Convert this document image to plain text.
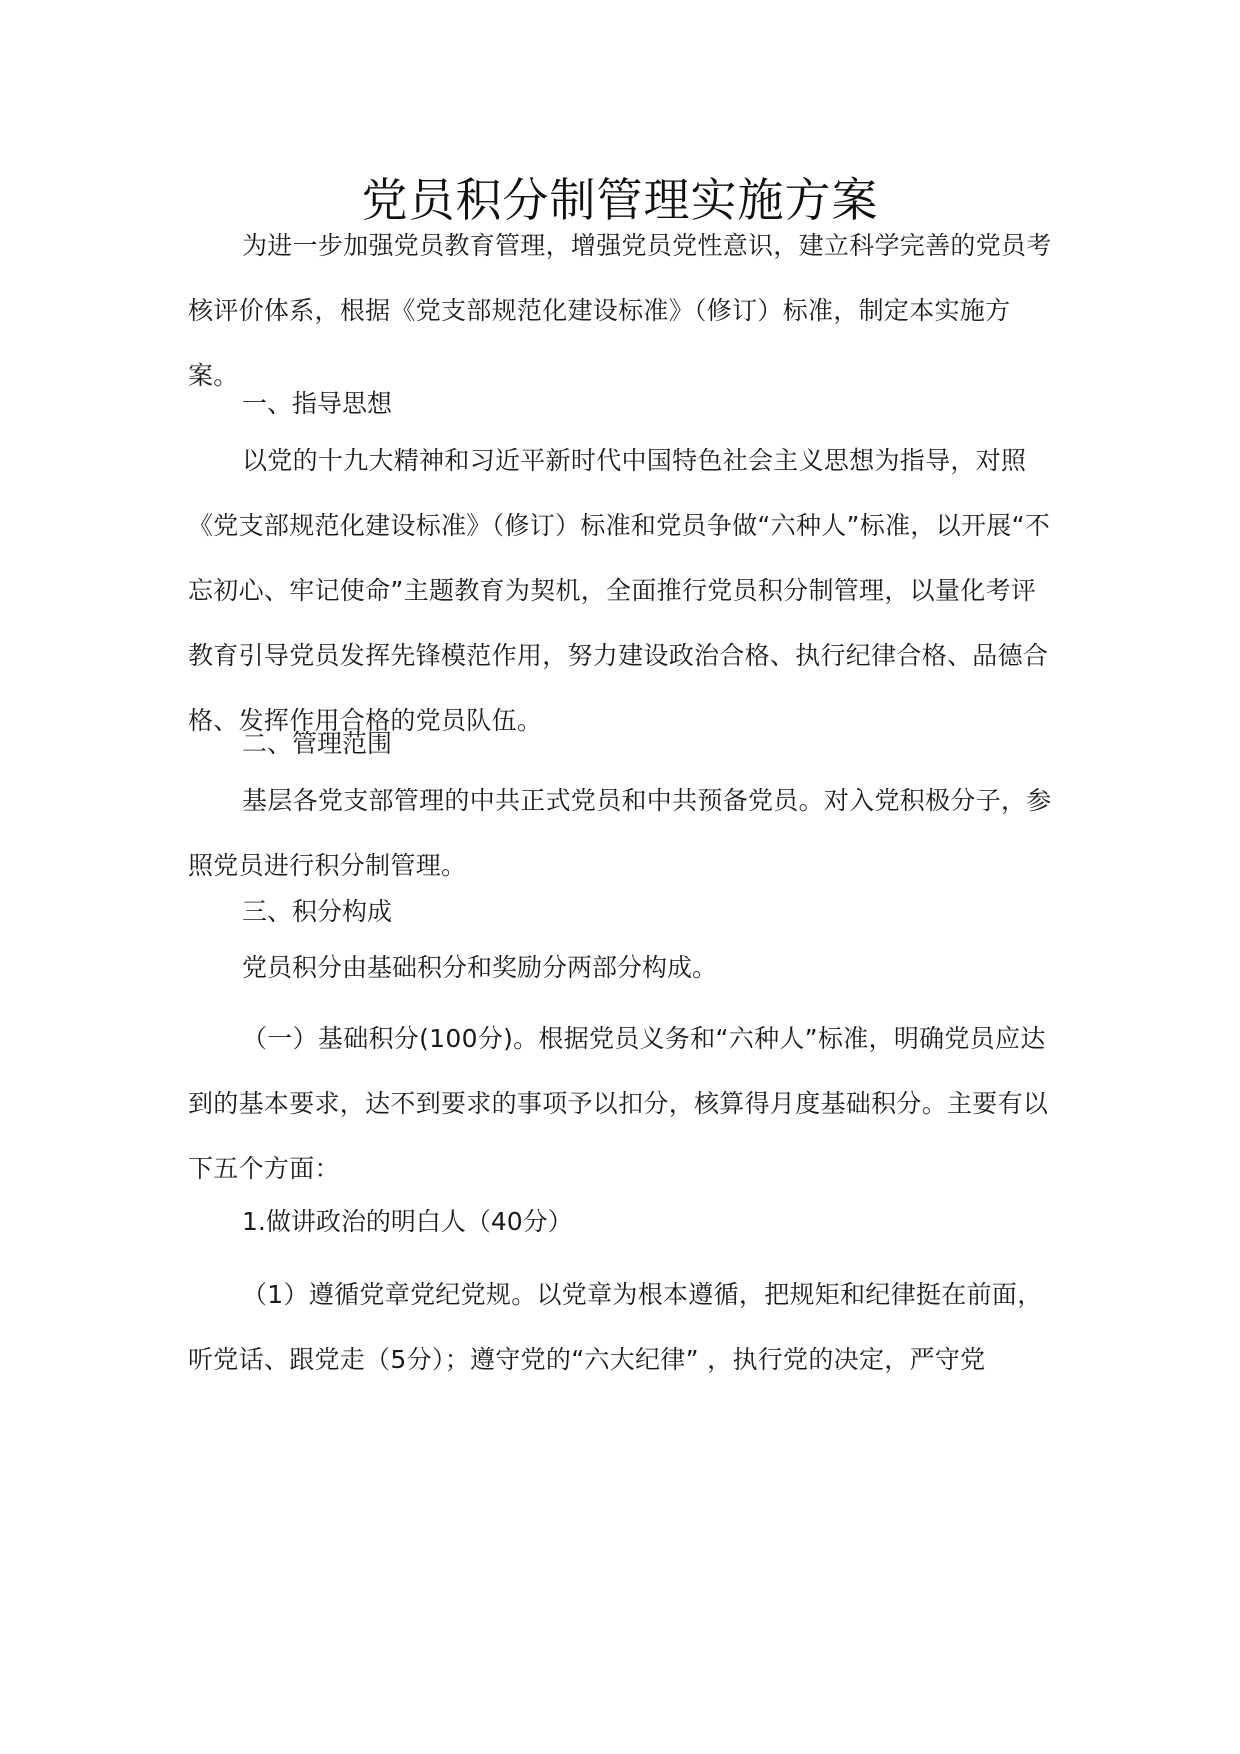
党员积分制管理实施方案

为进一步加强党员教育管理，增强党员党性意识，建立科学完善的党员考核评价体系，根据《党支部规范化建设标准》（修订）标准，制定本实施方案。

一、指导思想

以党的十九大精神和习近平新时代中国特色社会主义思想为指导，对照《党支部规范化建设标准》（修订）标准和党员争做“六种人”标准，以开展“不忘初心、牢记使命”主题教育为契机，全面推行党员积分制管理，以量化考评教育引导党员发挥先锋模范作用，努力建设政治合格、执行纪律合格、品德合格、发挥作用合格的党员队伍。

二、管理范围

基层各党支部管理的中共正式党员和中共预备党员。对入党积极分子，参照党员进行积分制管理。

三、积分构成

党员积分由基础积分和奖励分两部分构成。

（一）基础积分(100分)。根据党员义务和“六种人”标准，明确党员应达到的基本要求，达不到要求的事项予以扣分，核算得月度基础积分。主要有以下五个方面：

1.做讲政治的明白人（40分）

（1）遵循党章党纪党规。以党章为根本遵循，把规矩和纪律挺在前面，听党话、跟党走（5分）；遵守党的“六大纪律” ，执行党的决定，严守党
